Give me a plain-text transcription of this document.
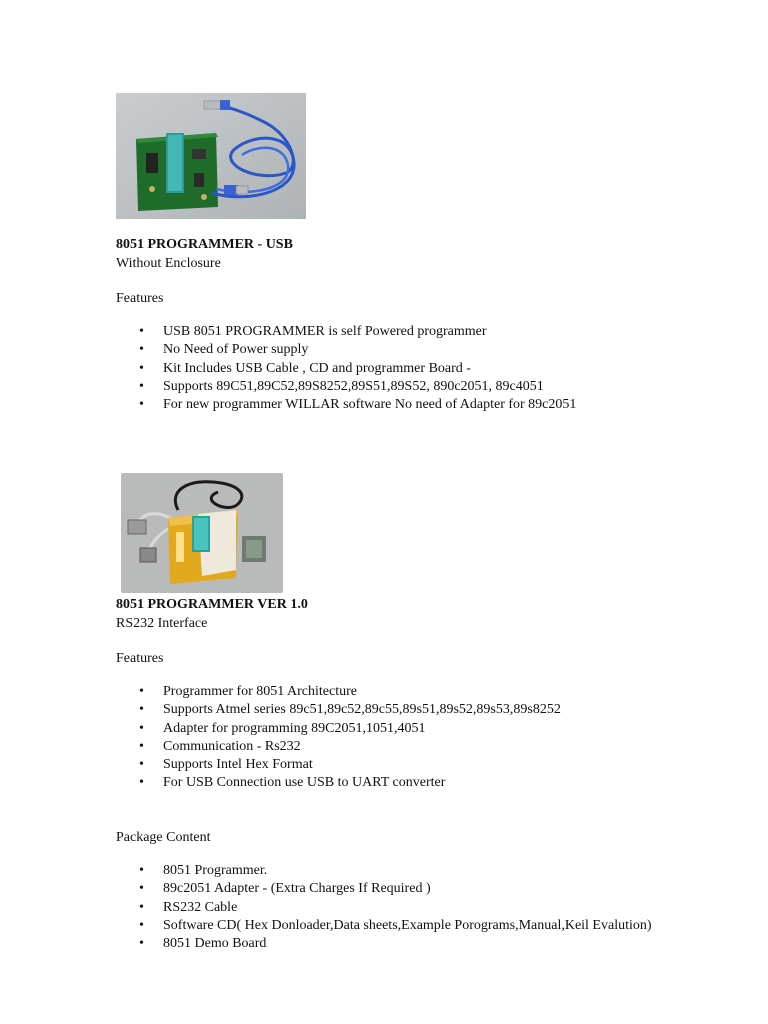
8051 PROGRAMMER - USB
Without Enclosure
Features
• USB 8051 PROGRAMMER is self Powered programmer
• No Need of Power supply
• Kit Includes USB Cable , CD and programmer Board -
• Supports 89C51,89C52,89S8252,89S51,89S52, 890c2051, 89c4051
• For new programmer WILLAR software No need of Adapter for 89c2051
8051 PROGRAMMER VER 1.0
RS232 Interface
Features
• Programmer for 8051 Architecture
• Supports Atmel series 89c51,89c52,89c55,89s51,89s52,89s53,89s8252
• Adapter for programming 89C2051,1051,4051
• Communication - Rs232
• Supports Intel Hex Format
• For USB Connection use USB to UART converter
Package Content
• 8051 Programmer.
• 89c2051 Adapter - (Extra Charges If Required )
• RS232 Cable
• Software CD( Hex Donloader,Data sheets,Example Porograms,Manual,Keil Evalution)
• 8051 Demo Board
